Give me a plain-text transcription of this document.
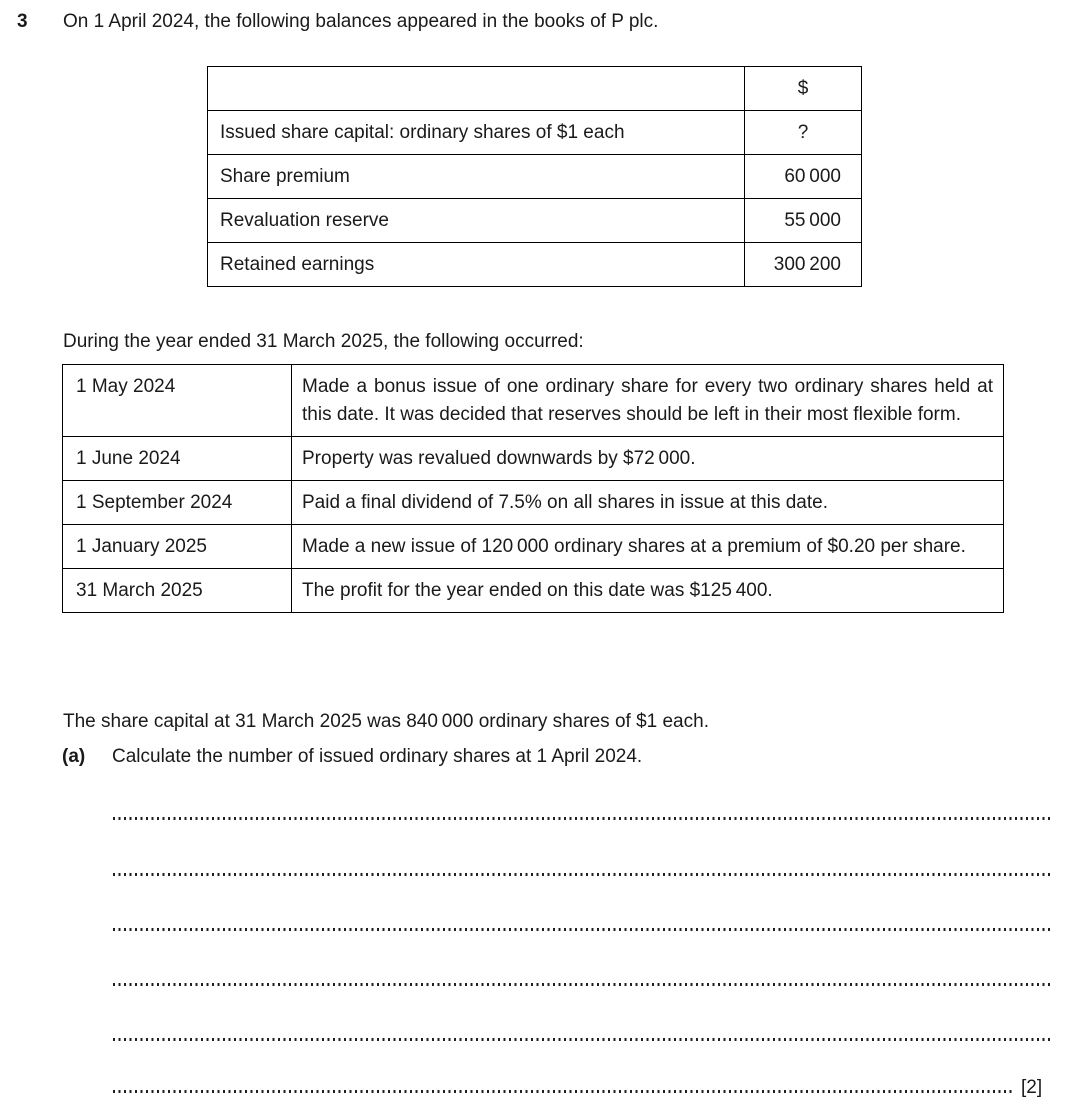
3 On 1 April 2024, the following balances appeared in the books of P plc.
	$
Issued share capital: ordinary shares of $1 each	?
Share premium	60 000
Revaluation reserve	55 000
Retained earnings	300 200

During the year ended 31 March 2025, the following occurred:

1 May 2024	Made a bonus issue of one ordinary share for every two ordinary shares held at this date. It was decided that reserves should be left in their most flexible form.
1 June 2024	Property was revalued downwards by $72 000.
1 September 2024	Paid a final dividend of 7.5% on all shares in issue at this date.
1 January 2025	Made a new issue of 120 000 ordinary shares at a premium of $0.20 per share.
31 March 2025	The profit for the year ended on this date was $125 400.

The share capital at 31 March 2025 was 840 000 ordinary shares of $1 each.

(a) Calculate the number of issued ordinary shares at 1 April 2024.
[2]
